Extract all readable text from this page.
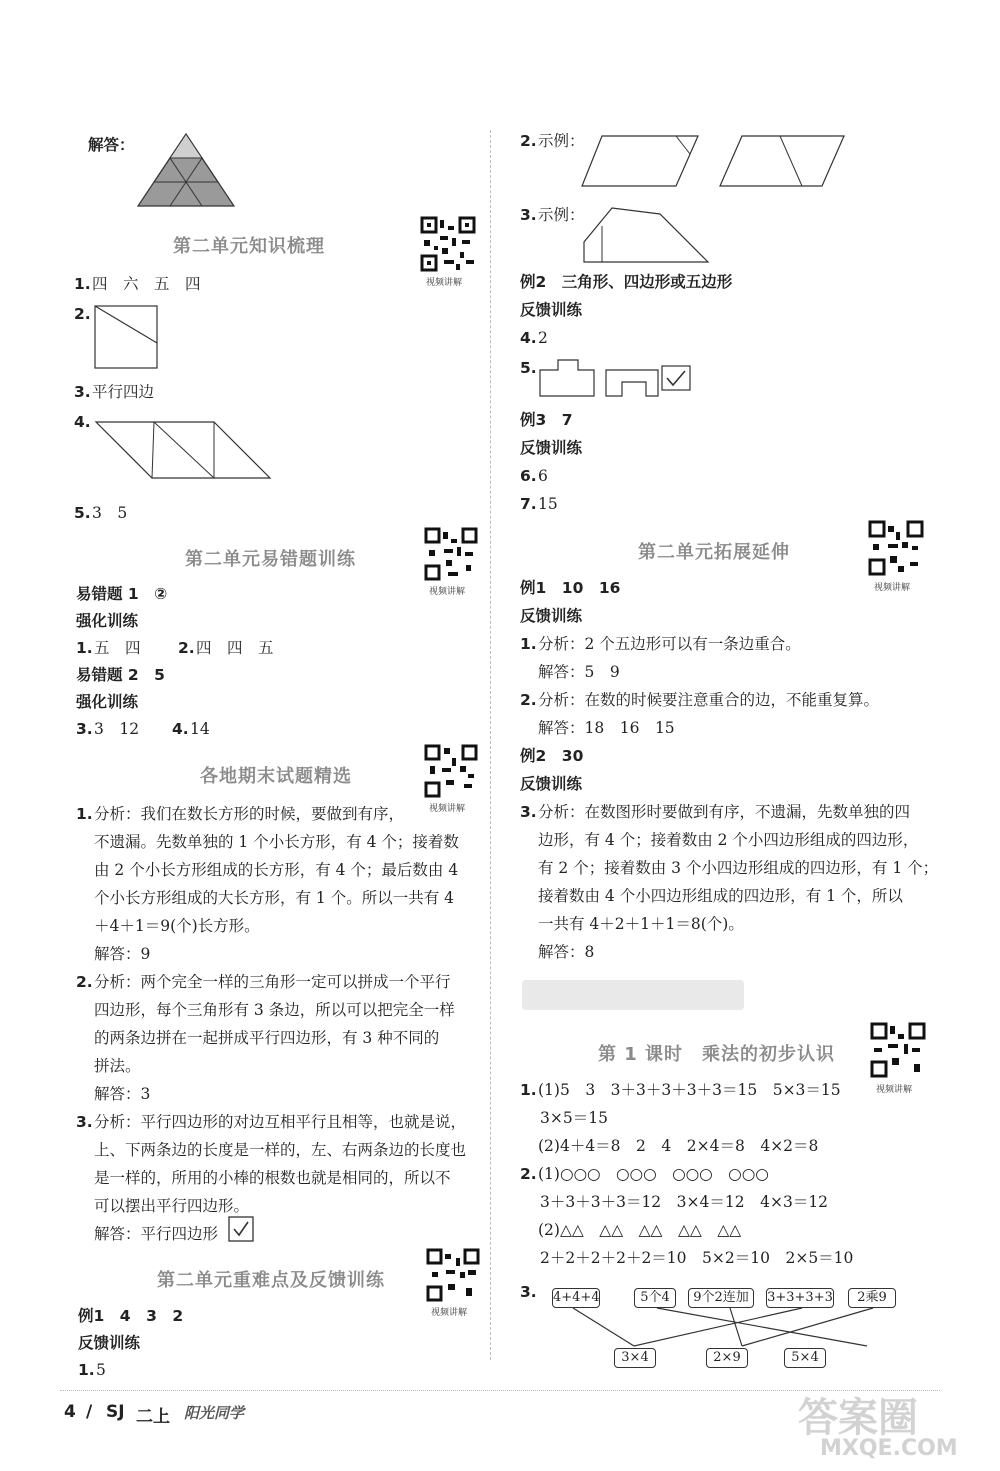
解答：
第二单元知识梳理
视频讲解
1. 四　六　五　四
2.
3. 平行四边
4.
5. 3　5
第二单元易错题训练
视频讲解
易错题 1　②
强化训练
1. 五　四 2. 四　四　五
易错题 2　5
强化训练
3. 3　12 4. 14
各地期末试题精选
视频讲解
1. 分析：我们在数长方形的时候，要做到有序，
不遗漏。先数单独的 1 个小长方形，有 4 个；接着数
由 2 个小长方形组成的长方形，有 4 个；最后数由 4
个小长方形组成的大长方形，有 1 个。所以一共有 4
＋4＋1＝9(个)长方形。
解答：9
2. 分析：两个完全一样的三角形一定可以拼成一个平行
四边形，每个三角形有 3 条边，所以可以把完全一样
的两条边拼在一起拼成平行四边形，有 3 种不同的
拼法。
解答：3
3. 分析：平行四边形的对边互相平行且相等，也就是说，
上、下两条边的长度是一样的，左、右两条边的长度也
是一样的，所用的小棒的根数也就是相同的，所以不
可以摆出平行四边形。
解答：平行四边形
第二单元重难点及反馈训练
视频讲解
例1　4　3　2
反馈训练
1. 5
2. 示例：
3. 示例：
例2　三角形、四边形或五边形
反馈训练
4. 2
5.
例3　7
反馈训练
6. 6
7. 15
第二单元拓展延伸
视频讲解
例1　10　16
反馈训练
1. 分析：2 个五边形可以有一条边重合。
解答：5　9
2. 分析：在数的时候要注意重合的边，不能重复算。
解答：18　16　15
例2　30
反馈训练
3. 分析：在数图形时要做到有序，不遗漏，先数单独的四
边形，有 4 个；接着数由 2 个小四边形组成的四边形，
有 2 个；接着数由 3 个小四边形组成的四边形，有 1 个；
接着数由 4 个小四边形组成的四边形，有 1 个，所以
一共有 4＋2＋1＋1＝8(个)。
解答：8
第 1 课时　乘法的初步认识
视频讲解
1. (1)5　3　3＋3＋3＋3＋3＝15　5×3＝15
3×5＝15
(2)4＋4＝8　2　4　2×4＝8　4×2＝8
2. (1)○○○　○○○　○○○　○○○
3＋3＋3＋3＝12　3×4＝12　4×3＝12
(2)△△　△△　△△　△△　△△
2＋2＋2＋2＋2＝10　5×2＝10　2×5＝10
3. 4+4+4	5个4	9个2连加	3+3+3+3	2乘9
3×4	2×9	5×4
4 / SJ 二上 阳光同学	答案圈
MXQE.COM
